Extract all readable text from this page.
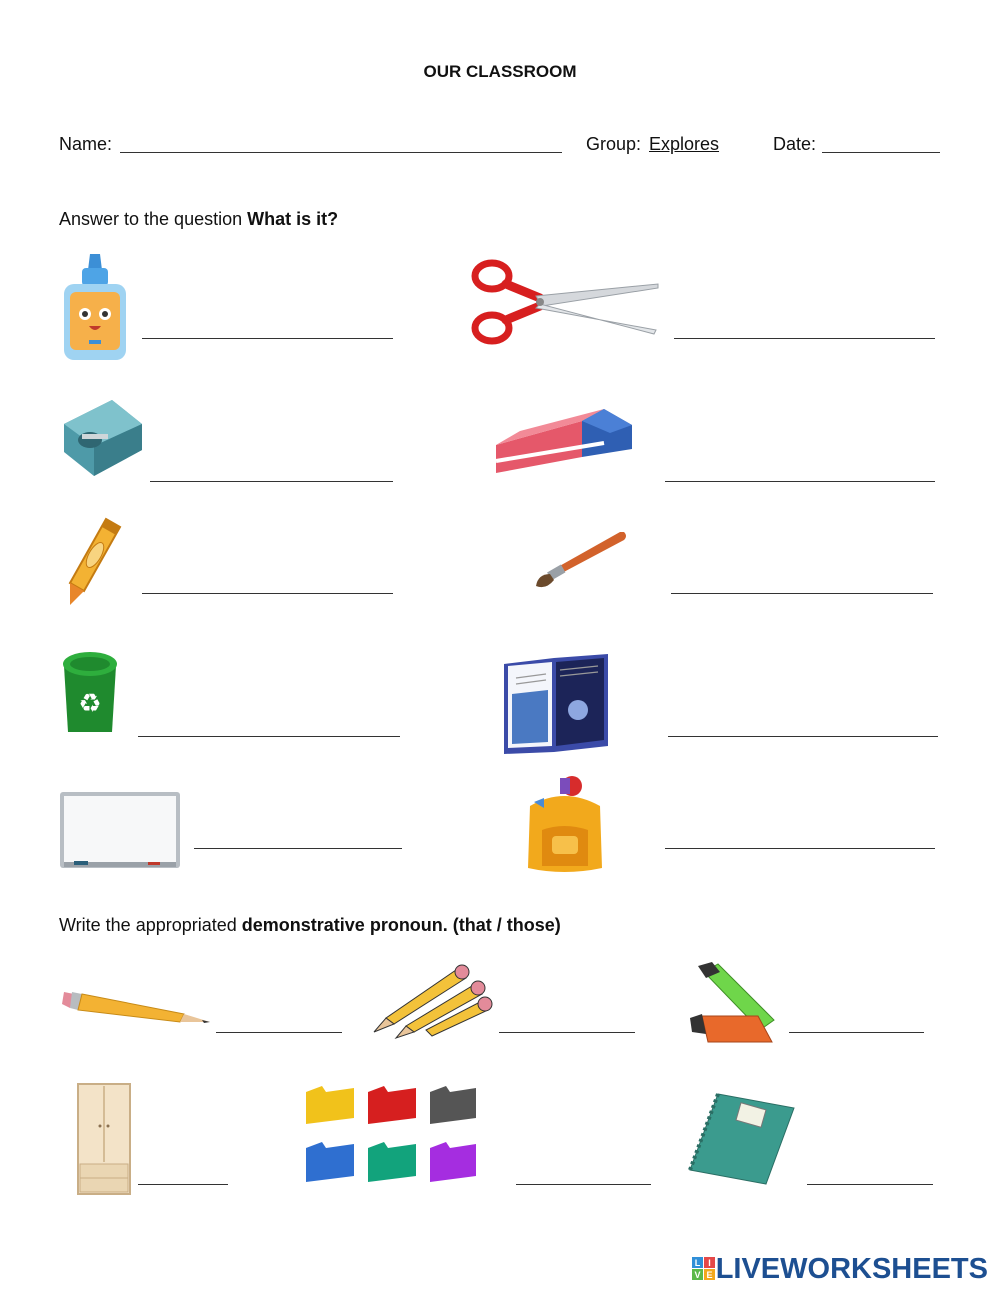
OUR CLASSROOM
Name:	Group: Explores	Date:
Answer to the question What is it?
♻
Write the appropriated demonstrative pronoun. (that / those)
L I
V E LIVEWORKSHEETS
